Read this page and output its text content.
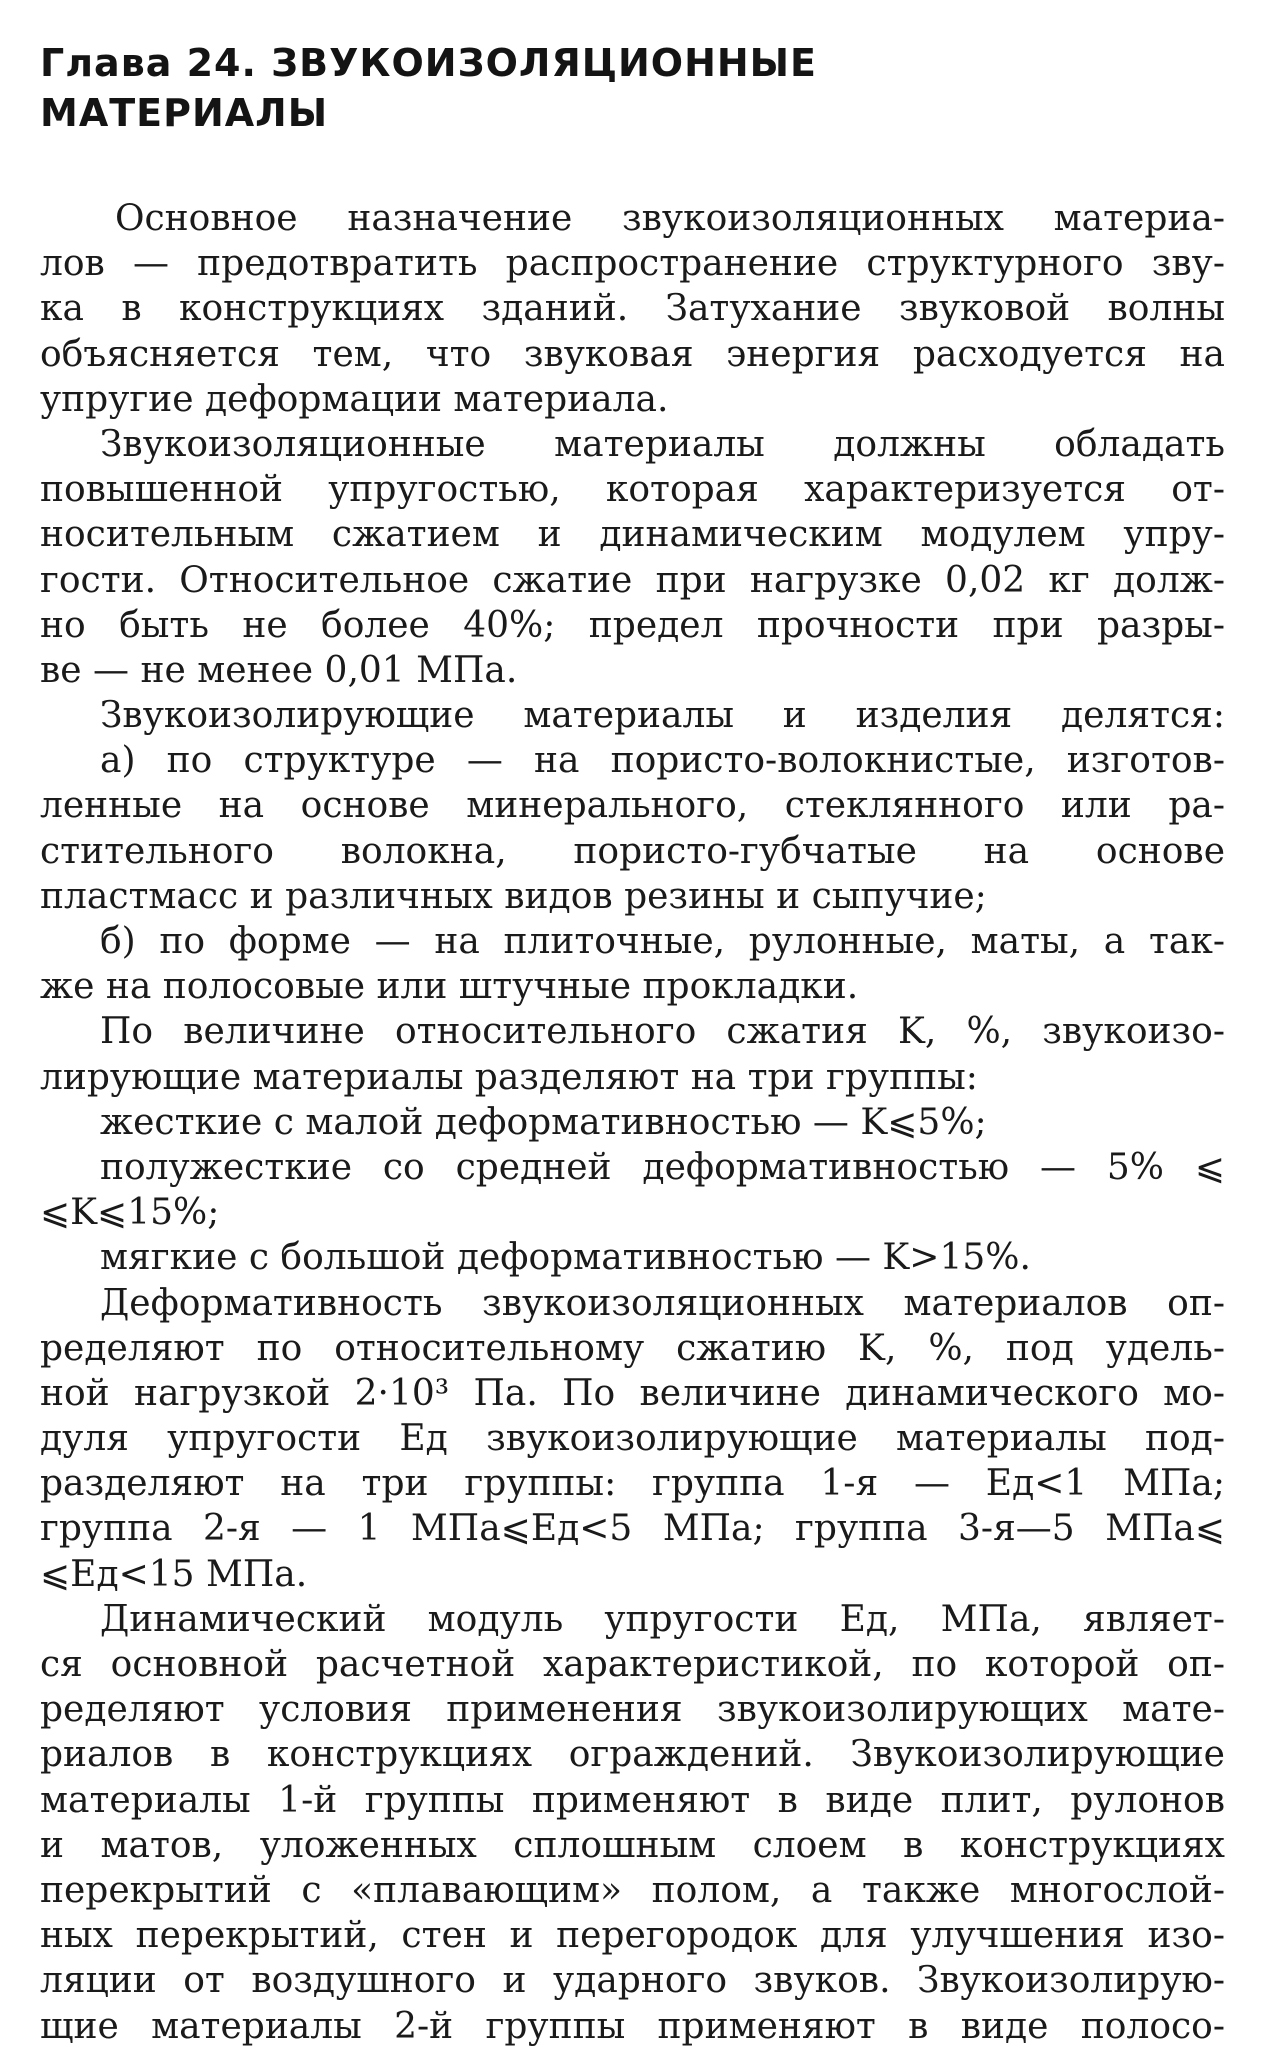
Глава 24. ЗВУКОИЗОЛЯЦИОННЫЕ
МАТЕРИАЛЫ
Основное назначение звукоизоляционных материа-
лов — предотвратить распространение структурного зву-
ка в конструкциях зданий. Затухание звуковой волны
объясняется тем, что звуковая энергия расходуется на
упругие деформации материала.
Звукоизоляционные материалы должны обладать
повышенной упругостью, которая характеризуется от-
носительным сжатием и динамическим модулем упру-
гости. Относительное сжатие при нагрузке 0,02 кг долж-
но быть не более 40%; предел прочности при разры-
ве — не менее 0,01 МПа.
Звукоизолирующие материалы и изделия делятся:
а) по структуре — на пористо-волокнистые, изготов-
ленные на основе минерального, стеклянного или ра-
стительного волокна, пористо-губчатые на основе
пластмасс и различных видов резины и сыпучие;
б) по форме — на плиточные, рулонные, маты, а так-
же на полосовые или штучные прокладки.
По величине относительного сжатия K, %, звукоизо-
лирующие материалы разделяют на три группы:
жесткие с малой деформативностью — K⩽5%;
полужесткие со средней деформативностью — 5% ⩽
⩽K⩽15%;
мягкие с большой деформативностью — K>15%.
Деформативность звукоизоляционных материалов оп-
ределяют по относительному сжатию K, %, под удель-
ной нагрузкой 2·10³ Па. По величине динамического мо-
дуля упругости Eд звукоизолирующие материалы под-
разделяют на три группы: группа 1-я — Eд<1 МПа;
группа 2-я — 1 МПа⩽Eд<5 МПа; группа 3-я—5 МПа⩽
⩽Eд<15 МПа.
Динамический модуль упругости Eд, МПа, являет-
ся основной расчетной характеристикой, по которой оп-
ределяют условия применения звукоизолирующих мате-
риалов в конструкциях ограждений. Звукоизолирующие
материалы 1-й группы применяют в виде плит, рулонов
и матов, уложенных сплошным слоем в конструкциях
перекрытий с «плавающим» полом, а также многослой-
ных перекрытий, стен и перегородок для улучшения изо-
ляции от воздушного и ударного звуков. Звукоизолирую-
щие материалы 2-й группы применяют в виде полосо-
